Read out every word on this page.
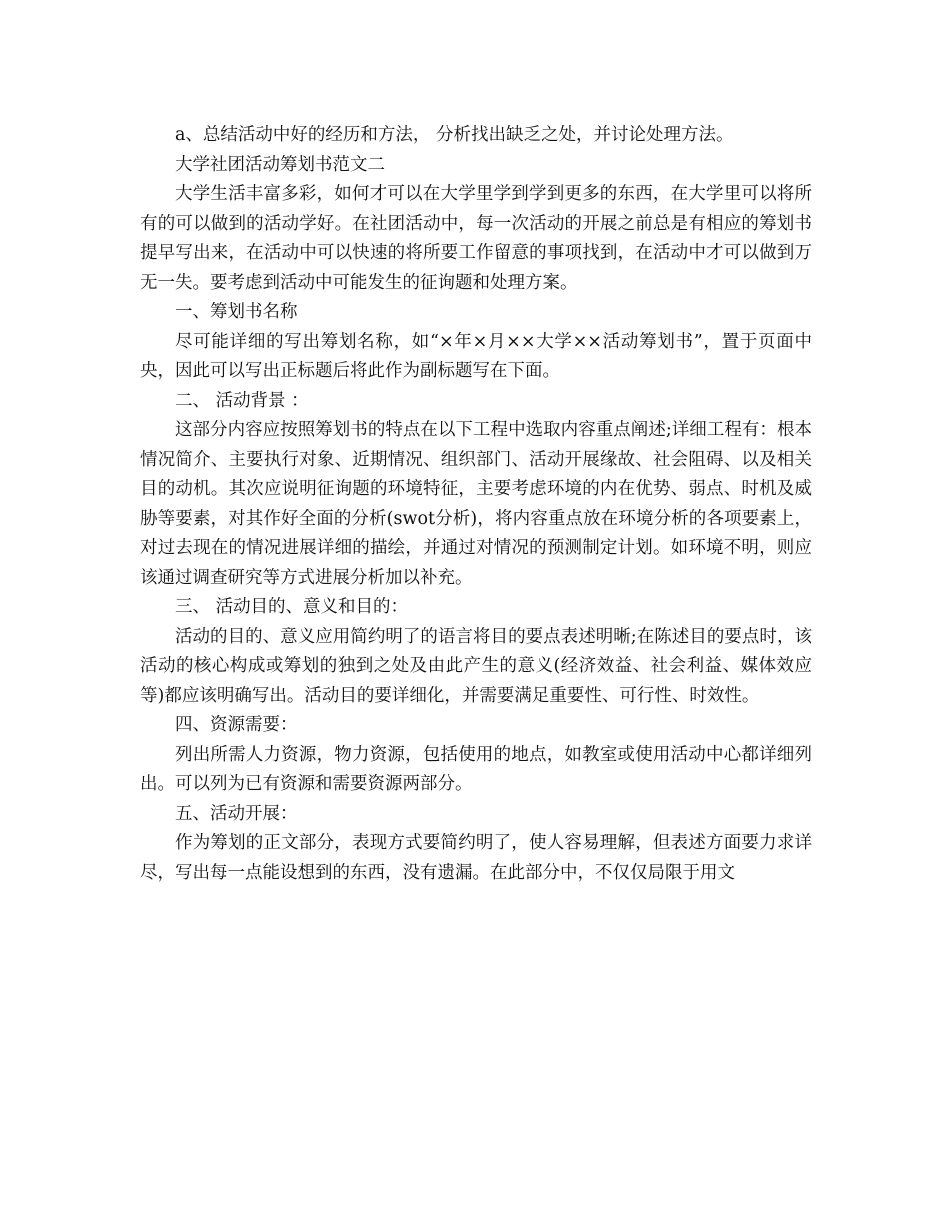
a、总结活动中好的经历和方法， 分析找出缺乏之处，并讨论处理方法。

大学社团活动筹划书范文二

大学生活丰富多彩，如何才可以在大学里学到学到更多的东西，在大学里可以将所有的可以做到的活动学好。在社团活动中，每一次活动的开展之前总是有相应的筹划书提早写出来，在活动中可以快速的将所要工作留意的事项找到，在活动中才可以做到万无一失。要考虑到活动中可能发生的征询题和处理方案。

一、筹划书名称

尽可能详细的写出筹划名称，如“×年×月××大学××活动筹划书”，置于页面中央，因此可以写出正标题后将此作为副标题写在下面。

二、 活动背景 ：

这部分内容应按照筹划书的特点在以下工程中选取内容重点阐述;详细工程有：根本情况简介、主要执行对象、近期情况、组织部门、活动开展缘故、社会阻碍、以及相关目的动机。其次应说明征询题的环境特征，主要考虑环境的内在优势、弱点、时机及威胁等要素，对其作好全面的分析(swot分析)，将内容重点放在环境分析的各项要素上，对过去现在的情况进展详细的描绘，并通过对情况的预测制定计划。如环境不明，则应该通过调查研究等方式进展分析加以补充。

三、 活动目的、意义和目的：

活动的目的、意义应用简约明了的语言将目的要点表述明晰;在陈述目的要点时，该活动的核心构成或筹划的独到之处及由此产生的意义(经济效益、社会利益、媒体效应等)都应该明确写出。活动目的要详细化，并需要满足重要性、可行性、时效性。

四、资源需要：

列出所需人力资源，物力资源，包括使用的地点，如教室或使用活动中心都详细列出。可以列为已有资源和需要资源两部分。

五、活动开展：

作为筹划的正文部分，表现方式要简约明了，使人容易理解，但表述方面要力求详尽，写出每一点能设想到的东西，没有遗漏。在此部分中，不仅仅局限于用文
